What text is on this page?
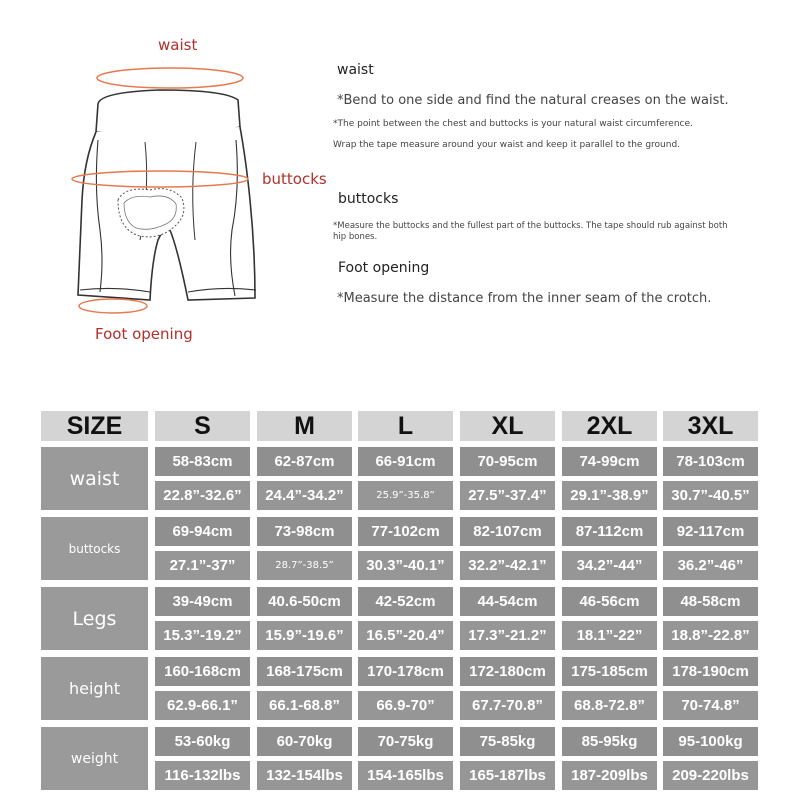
waist
buttocks
Foot opening
waist
*Bend to one side and find the natural creases on the waist.
*The point between the chest and buttocks is your natural waist circumference.
Wrap the tape measure around your waist and keep it parallel to the ground.
buttocks
*Measure the buttocks and the fullest part of the buttocks. The tape should rub against both
hip bones.
Foot opening
*Measure the distance from the inner seam of the crotch.
SIZE	S	M	L	XL	2XL	3XL
waist
58-83cm	62-87cm	66-91cm	70-95cm	74-99cm	78-103cm
22.8”-32.6”	24.4”-34.2”	25.9”-35.8”	27.5”-37.4”	29.1”-38.9”	30.7”-40.5”
buttocks
69-94cm	73-98cm	77-102cm	82-107cm	87-112cm	92-117cm
27.1”-37”	28.7”-38.5”	30.3”-40.1”	32.2”-42.1”	34.2”-44”	36.2”-46”
Legs
39-49cm	40.6-50cm	42-52cm	44-54cm	46-56cm	48-58cm
15.3”-19.2”	15.9”-19.6”	16.5”-20.4”	17.3”-21.2”	18.1”-22”	18.8”-22.8”
height
160-168cm	168-175cm	170-178cm	172-180cm	175-185cm	178-190cm
62.9-66.1”	66.1-68.8”	66.9-70”	67.7-70.8”	68.8-72.8”	70-74.8”
weight
53-60kg	60-70kg	70-75kg	75-85kg	85-95kg	95-100kg
116-132lbs	132-154lbs	154-165lbs	165-187lbs	187-209lbs	209-220lbs
